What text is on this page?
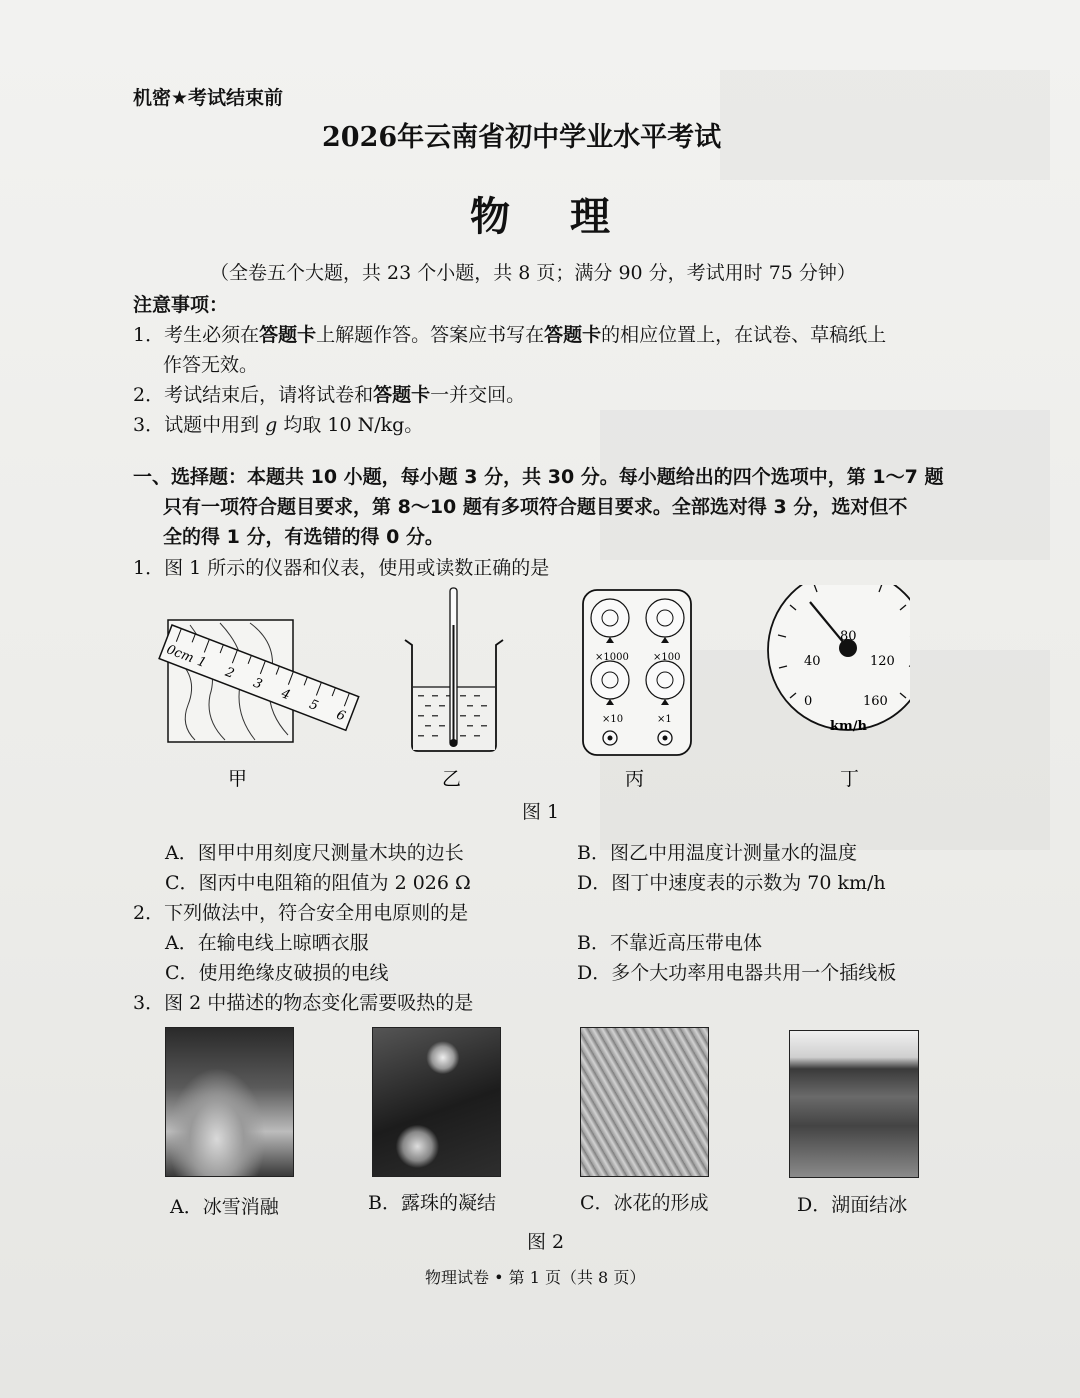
机密★考试结束前
2026年云南省初中学业水平考试
物理
（全卷五个大题，共 23 个小题，共 8 页；满分 90 分，考试用时 75 分钟）
注意事项：
1．考生必须在答题卡上解题作答。答案应书写在答题卡的相应位置上，在试卷、草稿纸上
作答无效。
2．考试结束后，请将试卷和答题卡一并交回。
3．试题中用到 g 均取 10 N/kg。
一、选择题：本题共 10 小题，每小题 3 分，共 30 分。每小题给出的四个选项中，第 1～7 题
只有一项符合题目要求，第 8～10 题有多项符合题目要求。全部选对得 3 分，选对但不
全的得 1 分，有选错的得 0 分。
1．图 1 所示的仪器和仪表，使用或读数正确的是
0cm 1
2
3
4
5
6
×1000 ×100
×10	×1
0
40
80
120
160
km/h
甲	乙	丙	丁
图 1
A．图甲中用刻度尺测量木块的边长	B．图乙中用温度计测量水的温度
C．图丙中电阻箱的阻值为 2 026 Ω	D．图丁中速度表的示数为 70 km/h
2．下列做法中，符合安全用电原则的是
A．在输电线上晾晒衣服	B．不靠近高压带电体
C．使用绝缘皮破损的电线	D．多个大功率用电器共用一个插线板
3．图 2 中描述的物态变化需要吸热的是
A．冰雪消融	B．露珠的凝结	C．冰花的形成	D．湖面结冰
图 2
物理试卷 • 第 1 页（共 8 页）
